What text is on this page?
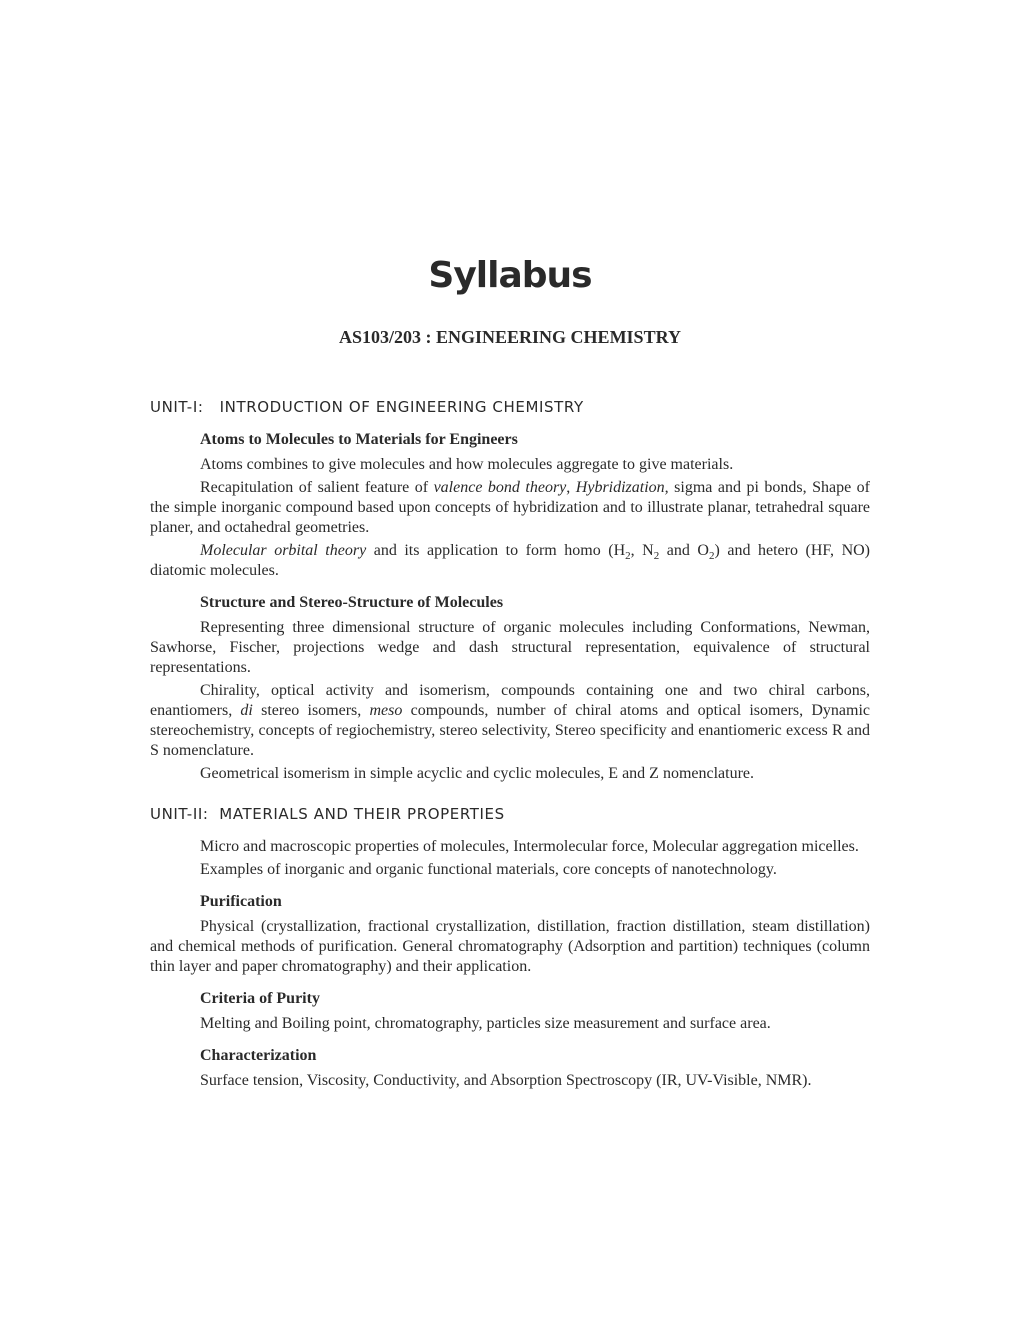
Syllabus
AS103/203 : ENGINEERING CHEMISTRY
UNIT-I: INTRODUCTION OF ENGINEERING CHEMISTRY
Atoms to Molecules to Materials for Engineers

Atoms combines to give molecules and how molecules aggregate to give materials.

Recapitulation of salient feature of valence bond theory, Hybridization, sigma and pi bonds, Shape of the simple inorganic compound based upon concepts of hybridization and to illustrate planar, tetrahedral square planer, and octahedral geometries.

Molecular orbital theory and its application to form homo ($H_2$, $N_2$ and $O_2$) and hetero (HF, NO) diatomic molecules.

Structure and Stereo-Structure of Molecules

Representing three dimensional structure of organic molecules including Conformations, Newman, Sawhorse, Fischer, projections wedge and dash structural representation, equivalence of structural representations.

Chirality, optical activity and isomerism, compounds containing one and two chiral carbons, enantiomers, di stereo isomers, meso compounds, number of chiral atoms and optical isomers, Dynamic stereochemistry, concepts of regiochemistry, stereo selectivity, Stereo specificity and enantiomeric excess R and S nomenclature.

Geometrical isomerism in simple acyclic and cyclic molecules, E and Z nomenclature.

UNIT-II: MATERIALS AND THEIR PROPERTIES

Micro and macroscopic properties of molecules, Intermolecular force, Molecular aggregation micelles.

Examples of inorganic and organic functional materials, core concepts of nanotechnology.

Purification

Physical (crystallization, fractional crystallization, distillation, fraction distillation, steam distillation) and chemical methods of purification. General chromatography (Adsorption and partition) techniques (column thin layer and paper chromatography) and their application.

Criteria of Purity

Melting and Boiling point, chromatography, particles size measurement and surface area.

Characterization

Surface tension, Viscosity, Conductivity, and Absorption Spectroscopy (IR, UV-Visible, NMR).
